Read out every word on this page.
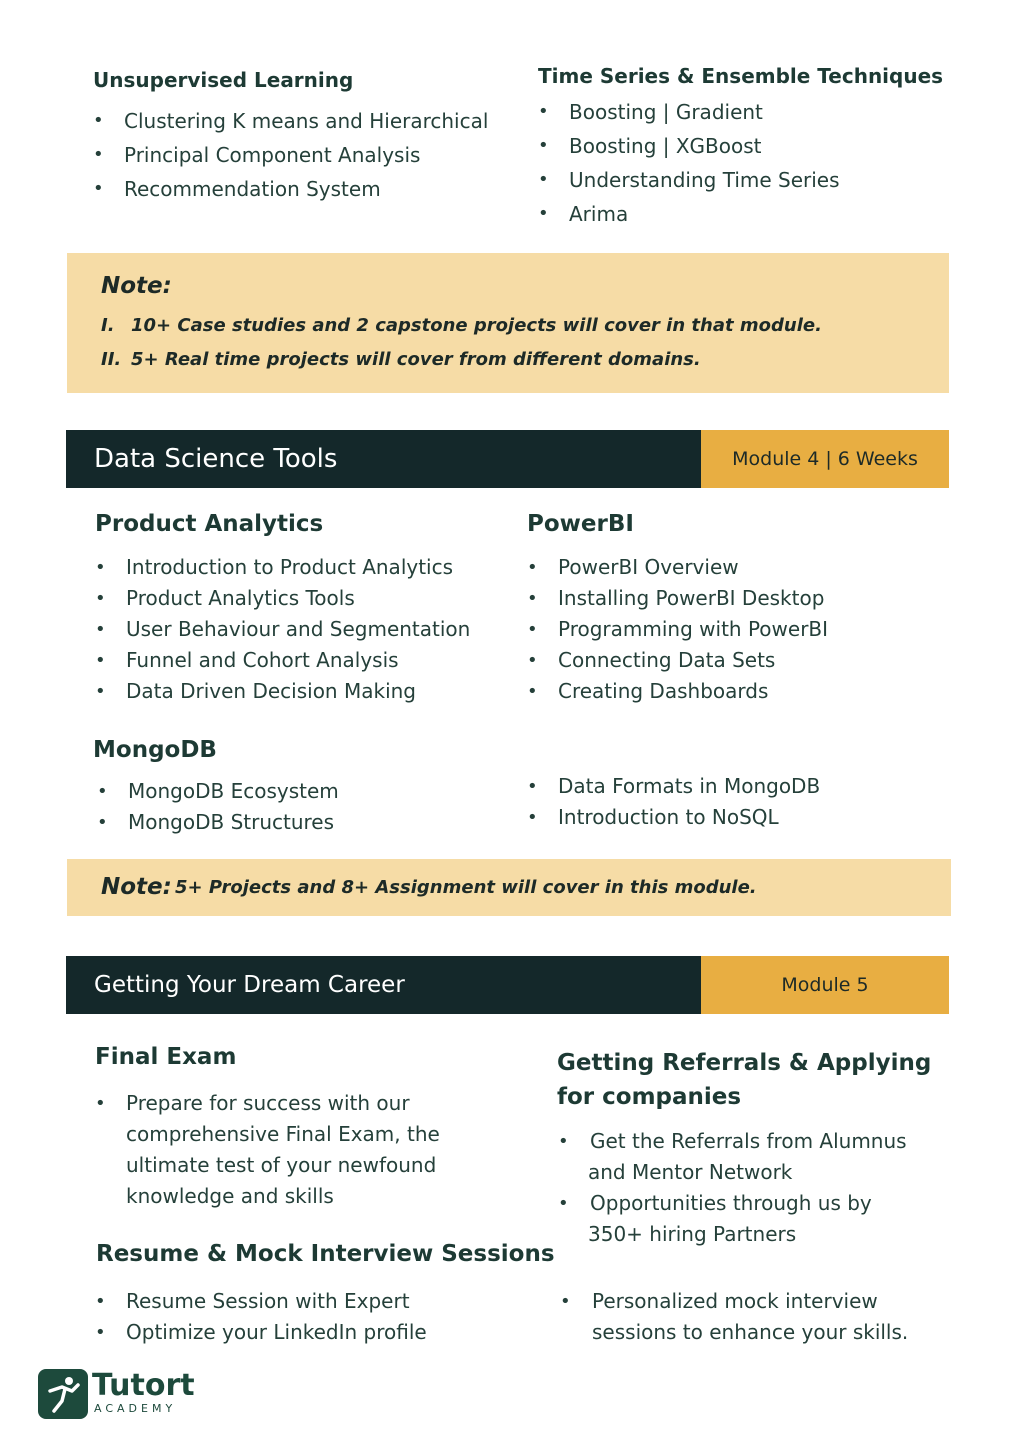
Unsupervised Learning
• Clustering K means and Hierarchical
• Principal Component Analysis
• Recommendation System
Time Series & Ensemble Techniques
• Boosting | Gradient
• Boosting | XGBoost
• Understanding Time Series
• Arima
Note:
I. 10+ Case studies and 2 capstone projects will cover in that module.
II. 5+ Real time projects will cover from different domains.
Data Science Tools	Module 4 | 6 Weeks
Product Analytics
• Introduction to Product Analytics
• Product Analytics Tools
• User Behaviour and Segmentation
• Funnel and Cohort Analysis
• Data Driven Decision Making
PowerBI
• PowerBI Overview
• Installing PowerBI Desktop
• Programming with PowerBI
• Connecting Data Sets
• Creating Dashboards
MongoDB
• MongoDB Ecosystem
• MongoDB Structures
• Data Formats in MongoDB
• Introduction to NoSQL
Note: 5+ Projects and 8+ Assignment will cover in this module.
Getting Your Dream Career	Module 5
Final Exam
• Prepare for success with our
comprehensive Final Exam, the
ultimate test of your newfound
knowledge and skills
Getting Referrals & Applying
for companies
• Get the Referrals from Alumnus
and Mentor Network
• Opportunities through us by
350+ hiring Partners
Resume & Mock Interview Sessions
• Resume Session with Expert
• Optimize your LinkedIn profile
• Personalized mock interview
sessions to enhance your skills.
Tutort
ACADEMY
